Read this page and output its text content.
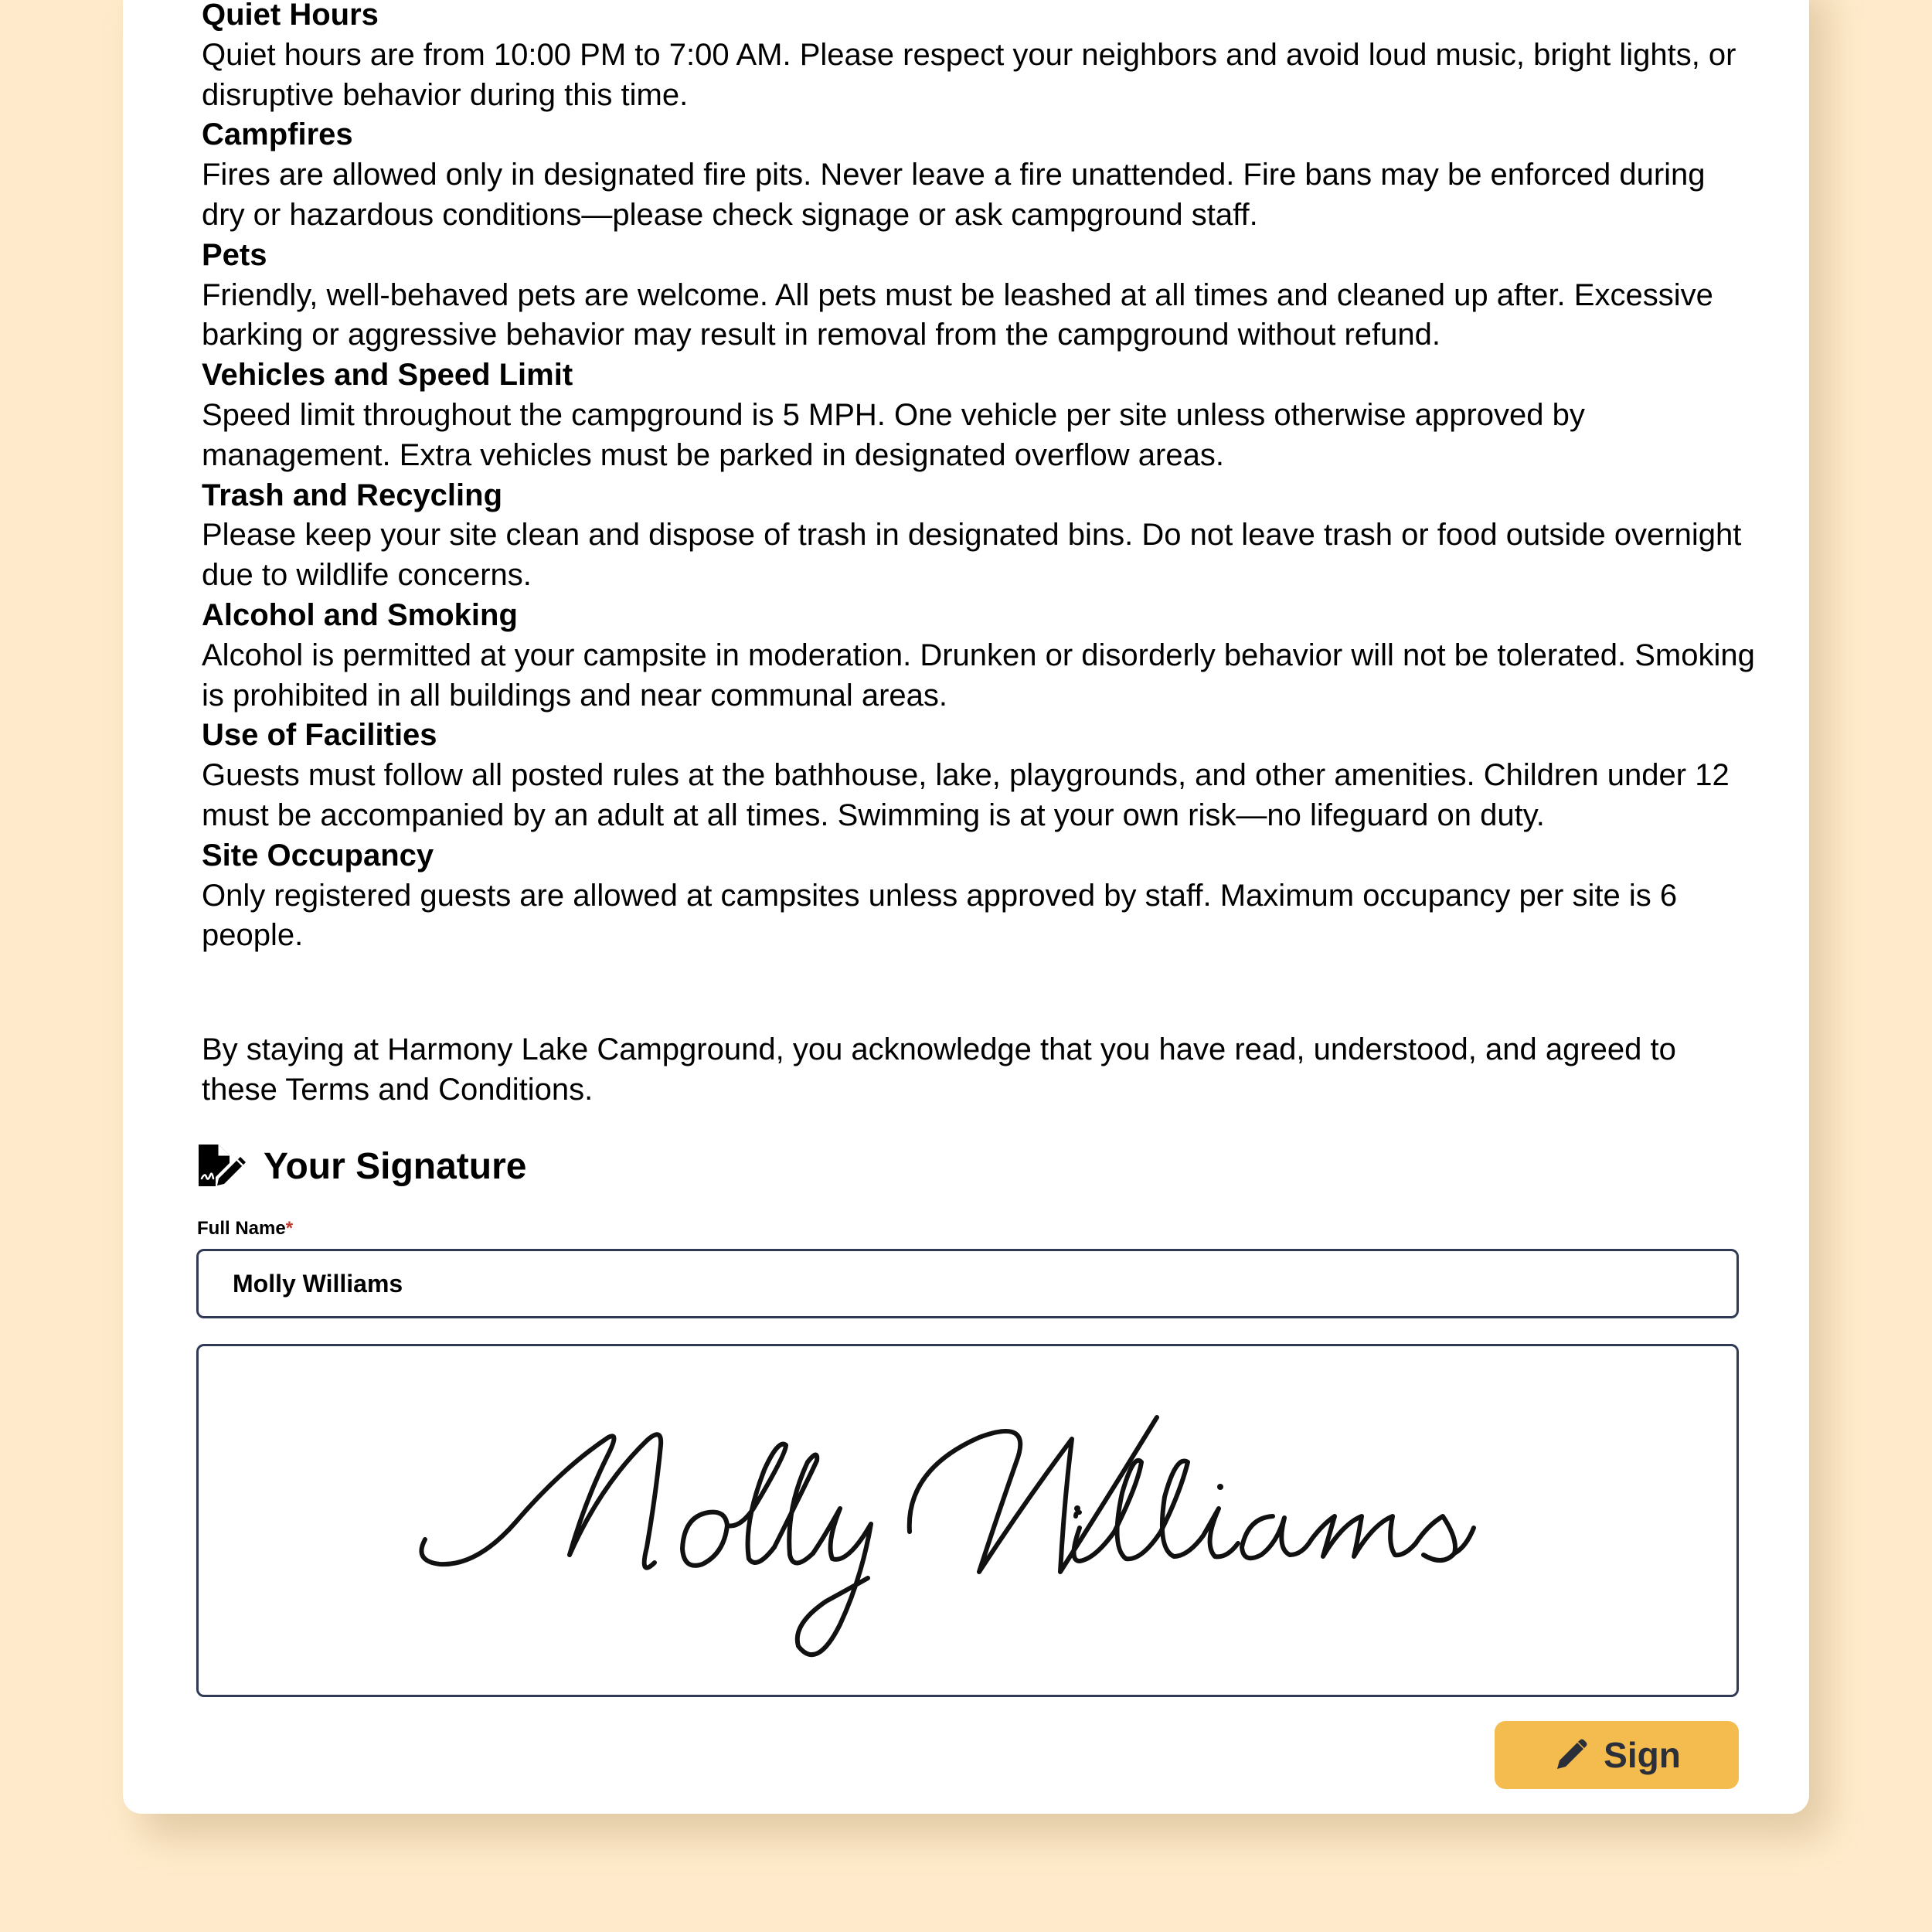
Quiet Hours
Quiet hours are from 10:00 PM to 7:00 AM. Please respect your neighbors and avoid loud music, bright lights, or disruptive behavior during this time.
Campfires
Fires are allowed only in designated fire pits. Never leave a fire unattended. Fire bans may be enforced during dry or hazardous conditions—please check signage or ask campground staff.
Pets
Friendly, well-behaved pets are welcome. All pets must be leashed at all times and cleaned up after. Excessive barking or aggressive behavior may result in removal from the campground without refund.
Vehicles and Speed Limit
Speed limit throughout the campground is 5 MPH. One vehicle per site unless otherwise approved by management. Extra vehicles must be parked in designated overflow areas.
Trash and Recycling
Please keep your site clean and dispose of trash in designated bins. Do not leave trash or food outside overnight due to wildlife concerns.
Alcohol and Smoking
Alcohol is permitted at your campsite in moderation. Drunken or disorderly behavior will not be tolerated. Smoking is prohibited in all buildings and near communal areas.
Use of Facilities
Guests must follow all posted rules at the bathhouse, lake, playgrounds, and other amenities. Children under 12 must be accompanied by an adult at all times. Swimming is at your own risk—no lifeguard on duty.
Site Occupancy
Only registered guests are allowed at campsites unless approved by staff. Maximum occupancy per site is 6 people.
By staying at Harmony Lake Campground, you acknowledge that you have read, understood, and agreed to these Terms and Conditions.
Your Signature
Full Name*
Molly Williams
Sign
